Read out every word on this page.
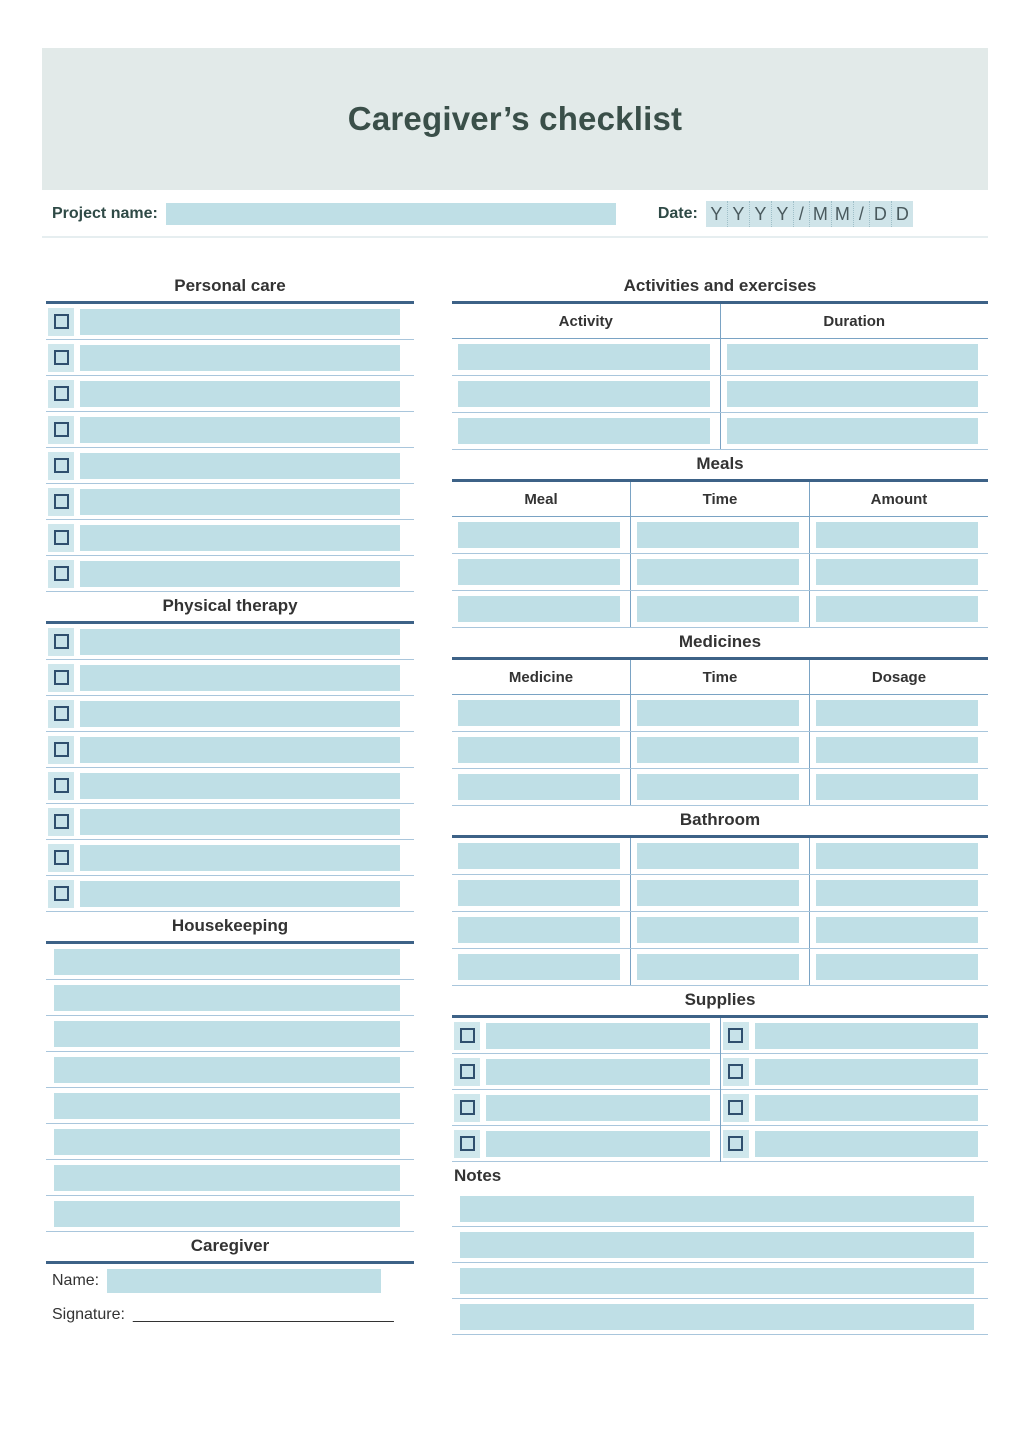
Caregiver’s checklist
Project name:	Date: Y Y Y Y / M M / D D
Personal care
Physical therapy
Housekeeping
Caregiver
Name:
Signature: _______________________________
Activities and exercises
Activity	Duration

Meals
Meal	Time	Amount

Medicines
Medicine	Time	Dosage

Bathroom

Supplies
Notes
